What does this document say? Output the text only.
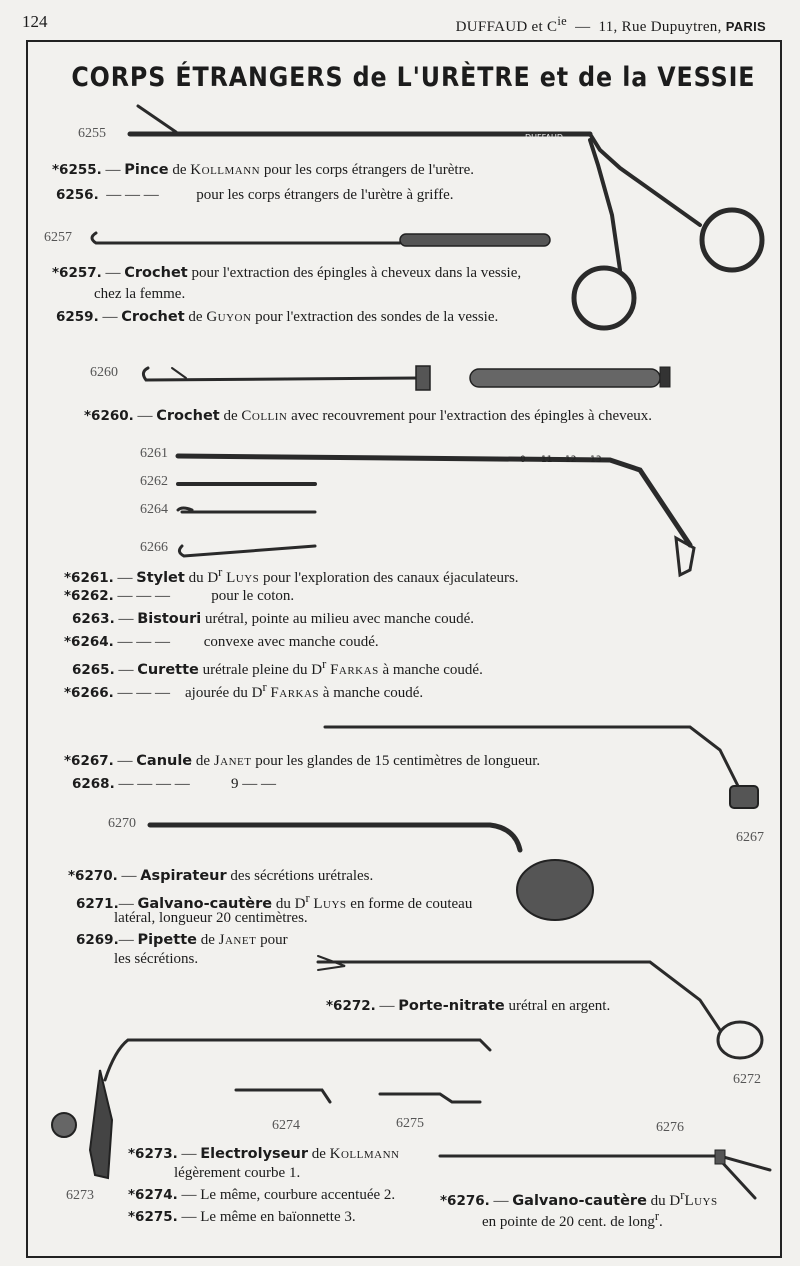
124	DUFFAUD et $C^{ie}$ — 11, Rue Dupuytren, PARIS
CORPS ÉTRANGERS de L'URÈTRE et de la VESSIE
DUFFAUD
0 11 12 13
6255
6257
6260
6261
6262
6264
6266
6270
6267
6272
6274	6275	6276
6273
*6255. — Pince de Kollmann pour les corps étrangers de l'urètre.
6256. — — —	pour les corps étrangers de l'urètre à griffe.
*6257. — Crochet pour l'extraction des épingles à cheveux dans la vessie,
chez la femme.
6259. — Crochet de Guyon pour l'extraction des sondes de la vessie.
*6260. — Crochet de Collin avec recouvrement pour l'extraction des épingles à cheveux.
*6261. — Stylet du $D^r$ Luys pour l'exploration des canaux éjaculateurs.
*6262. — — —	pour le coton.
6263. — Bistouri urétral, pointe au milieu avec manche coudé.
*6264. — — — convexe avec manche coudé.
6265. — Curette urétrale pleine du $D^r$ Farkas à manche coudé.
*6266. — — — ajourée du $D^r$ Farkas à manche coudé.
*6267. — Canule de Janet pour les glandes de 15 centimètres de longueur.
6268. — — — —	9 — —
*6270. — Aspirateur des sécrétions urétrales.
6271.— Galvano-cautère du $D^r$ Luys en forme de couteau
latéral, longueur 20 centimètres.
6269.— Pipette de Janet pour
les sécrétions.
*6272. — Porte-nitrate urétral en argent.
*6273. — Electrolyseur de Kollmann
légèrement courbe 1.
*6274. — Le même, courbure accentuée 2.
*6275. — Le même en baïonnette 3.
*6276. — Galvano-cautère du $D^rLuys$
en pointe de 20 cent. de long$^r$.
